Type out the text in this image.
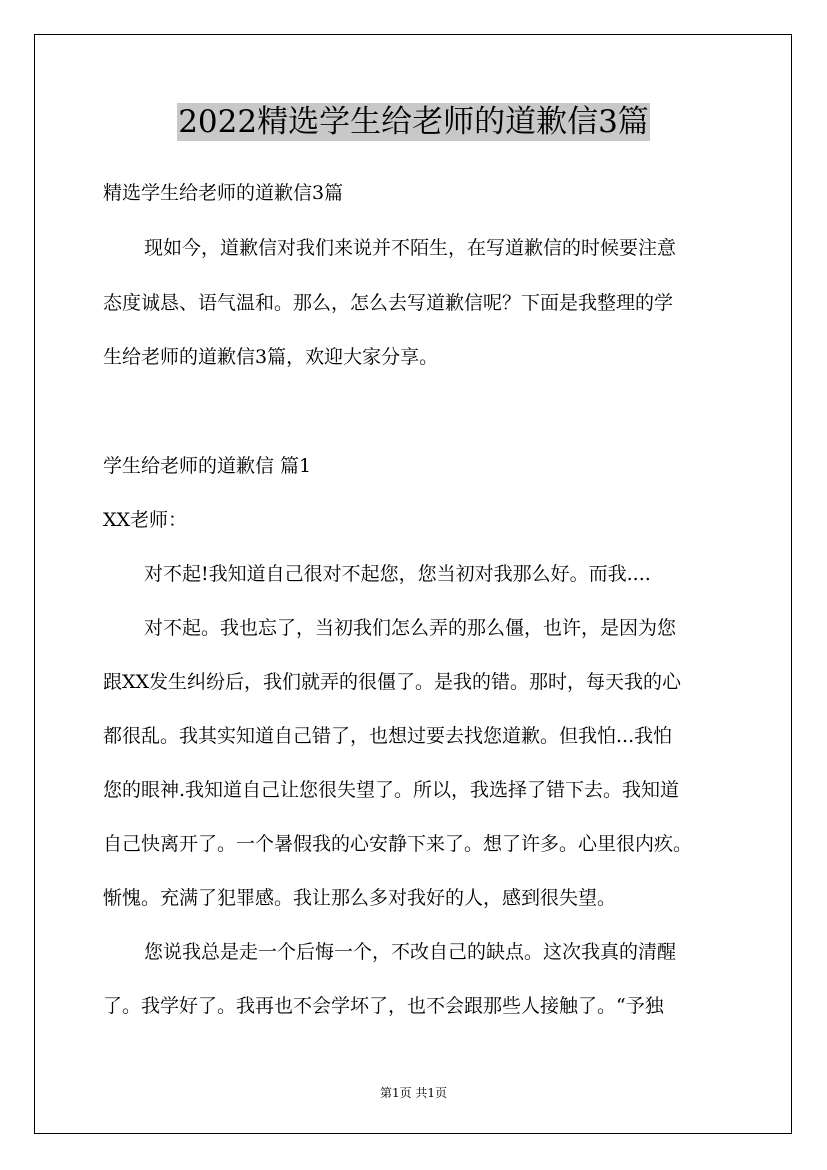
2022精选学生给老师的道歉信3篇
精选学生给老师的道歉信3篇
现如今，道歉信对我们来说并不陌生，在写道歉信的时候要注意
态度诚恳、语气温和。那么，怎么去写道歉信呢？下面是我整理的学
生给老师的道歉信3篇，欢迎大家分享。
学生给老师的道歉信 篇1
XX老师：
对不起!我知道自己很对不起您，您当初对我那么好。而我....
对不起。我也忘了，当初我们怎么弄的那么僵，也许，是因为您
跟XX发生纠纷后，我们就弄的很僵了。是我的错。那时，每天我的心
都很乱。我其实知道自己错了，也想过要去找您道歉。但我怕...我怕
您的眼神.我知道自己让您很失望了。所以，我选择了错下去。我知道
自己快离开了。一个暑假我的心安静下来了。想了许多。心里很内疚。
惭愧。充满了犯罪感。我让那么多对我好的人，感到很失望。
您说我总是走一个后悔一个，不改自己的缺点。这次我真的清醒
了。我学好了。我再也不会学坏了，也不会跟那些人接触了。“予独
第1页 共1页
